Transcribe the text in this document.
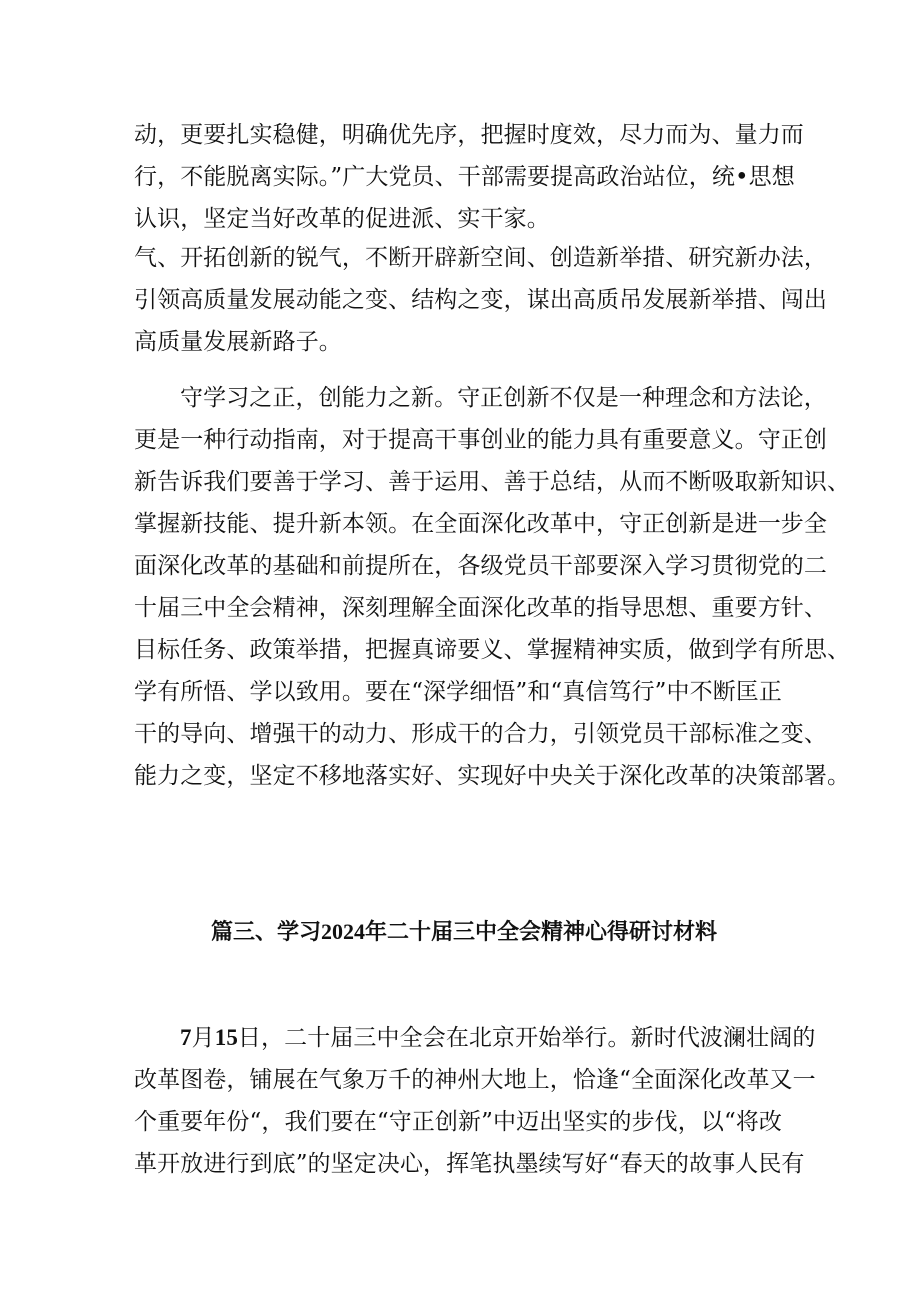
动，更要扎实稳健，明确优先序，把握时度效，尽力而为、量力而
行，不能脱离实际。”广大党员、干部需要提高政治站位，统•思想
认识，坚定当好改革的促进派、实干家。
气、开拓创新的锐气，不断开辟新空间、创造新举措、研究新办法，
引领高质量发展动能之变、结构之变，谋出高质吊发展新举措、闯出
高质量发展新路子。
守学习之正，创能力之新。守正创新不仅是一种理念和方法论，
更是一种行动指南，对于提高干事创业的能力具有重要意义。守正创
新告诉我们要善于学习、善于运用、善于总结，从而不断吸取新知识、
掌握新技能、提升新本领。在全面深化改革中，守正创新是进一步全
面深化改革的基础和前提所在，各级党员干部要深入学习贯彻党的二
十届三中全会精神，深刻理解全面深化改革的指导思想、重要方针、
目标任务、政策举措，把握真谛要义、掌握精神实质，做到学有所思、
学有所悟、学以致用。要在“深学细悟”和“真信笃行”中不断匡正
干的导向、增强干的动力、形成干的合力，引领党员干部标准之变、
能力之变，坚定不移地落实好、实现好中央关于深化改革的决策部署。
篇三、学习2024年二十届三中全会精神心得研讨材料
7月15日，二十届三中全会在北京开始举行。新时代波澜壮阔的
改革图卷，铺展在气象万千的神州大地上，恰逢“全面深化改革又一
个重要年份“，我们要在“守正创新”中迈出坚实的步伐，以“将改
革开放进行到底”的坚定决心，挥笔执墨续写好“春天的故事人民有
